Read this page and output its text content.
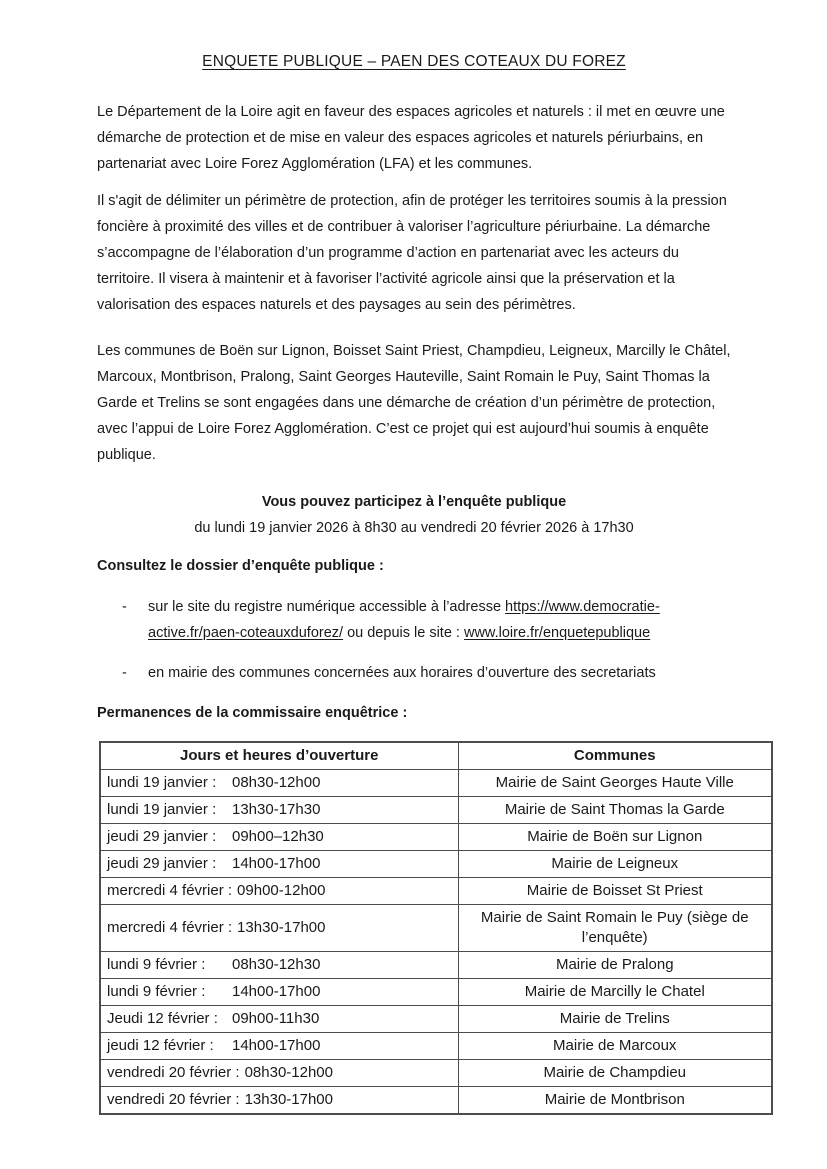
ENQUETE PUBLIQUE – PAEN DES COTEAUX DU FOREZ

Le Département de la Loire agit en faveur des espaces agricoles et naturels : il met en œuvre une démarche de protection et de mise en valeur des espaces agricoles et naturels périurbains, en partenariat avec Loire Forez Agglomération (LFA) et les communes.

Il s'agit de délimiter un périmètre de protection, afin de protéger les territoires soumis à la pression foncière à proximité des villes et de contribuer à valoriser l’agriculture périurbaine. La démarche s’accompagne de l’élaboration d’un programme d’action en partenariat avec les acteurs du territoire. Il visera à maintenir et à favoriser l’activité agricole ainsi que la préservation et la valorisation des espaces naturels et des paysages au sein des périmètres.

Les communes de Boën sur Lignon, Boisset Saint Priest, Champdieu, Leigneux, Marcilly le Châtel, Marcoux, Montbrison, Pralong, Saint Georges Hauteville, Saint Romain le Puy, Saint Thomas la Garde et Trelins se sont engagées dans une démarche de création d’un périmètre de protection, avec l’appui de Loire Forez Agglomération. C’est ce projet qui est aujourd’hui soumis à enquête publique.

Vous pouvez participez à l’enquête publique

du lundi 19 janvier 2026 à 8h30 au vendredi 20 février 2026 à 17h30

Consultez le dossier d’enquête publique :

-	sur le site du registre numérique accessible à l’adresse https://www.democratie-active.fr/paen-coteauxduforez/ ou depuis le site : www.loire.fr/enquetepublique
-	en mairie des communes concernées aux horaires d’ouverture des secretariats

Permanences de la commissaire enquêtrice :

Jours et heures d’ouverture	Communes
lundi 19 janvier : 08h30-12h00	Mairie de Saint Georges Haute Ville
lundi 19 janvier : 13h30-17h30	Mairie de Saint Thomas la Garde
jeudi 29 janvier : 09h00–12h30	Mairie de Boën sur Lignon
jeudi 29 janvier : 14h00-17h00	Mairie de Leigneux
mercredi 4 février : 09h00-12h00	Mairie de Boisset St Priest
mercredi 4 février : 13h30-17h00	Mairie de Saint Romain le Puy (siège de l’enquête)
lundi 9 février : 08h30-12h30	Mairie de Pralong
lundi 9 février : 14h00-17h00	Mairie de Marcilly le Chatel
Jeudi 12 février : 09h00-11h30	Mairie de Trelins
jeudi 12 février : 14h00-17h00	Mairie de Marcoux
vendredi 20 février : 08h30-12h00	Mairie de Champdieu
vendredi 20 février : 13h30-17h00	Mairie de Montbrison
